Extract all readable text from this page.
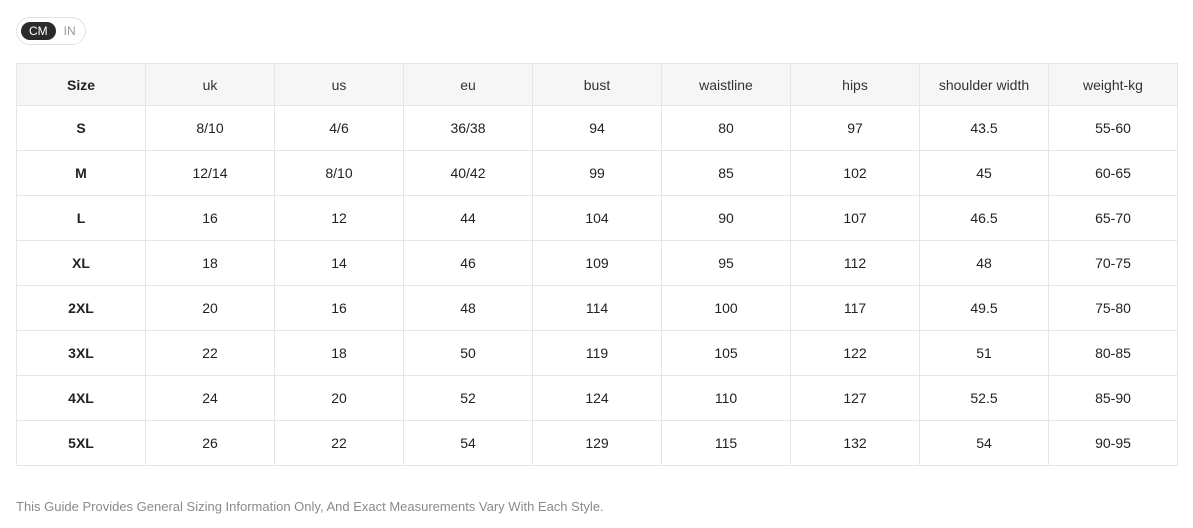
CM	IN
Size	uk	us	eu	bust	waistline	hips	shoulder width	weight-kg
S	8/10	4/6	36/38	94	80	97	43.5	55-60
M	12/14	8/10	40/42	99	85	102	45	60-65
L	16	12	44	104	90	107	46.5	65-70
XL	18	14	46	109	95	112	48	70-75
2XL	20	16	48	114	100	117	49.5	75-80
3XL	22	18	50	119	105	122	51	80-85
4XL	24	20	52	124	110	127	52.5	85-90
5XL	26	22	54	129	115	132	54	90-95
This Guide Provides General Sizing Information Only, And Exact Measurements Vary With Each Style.
